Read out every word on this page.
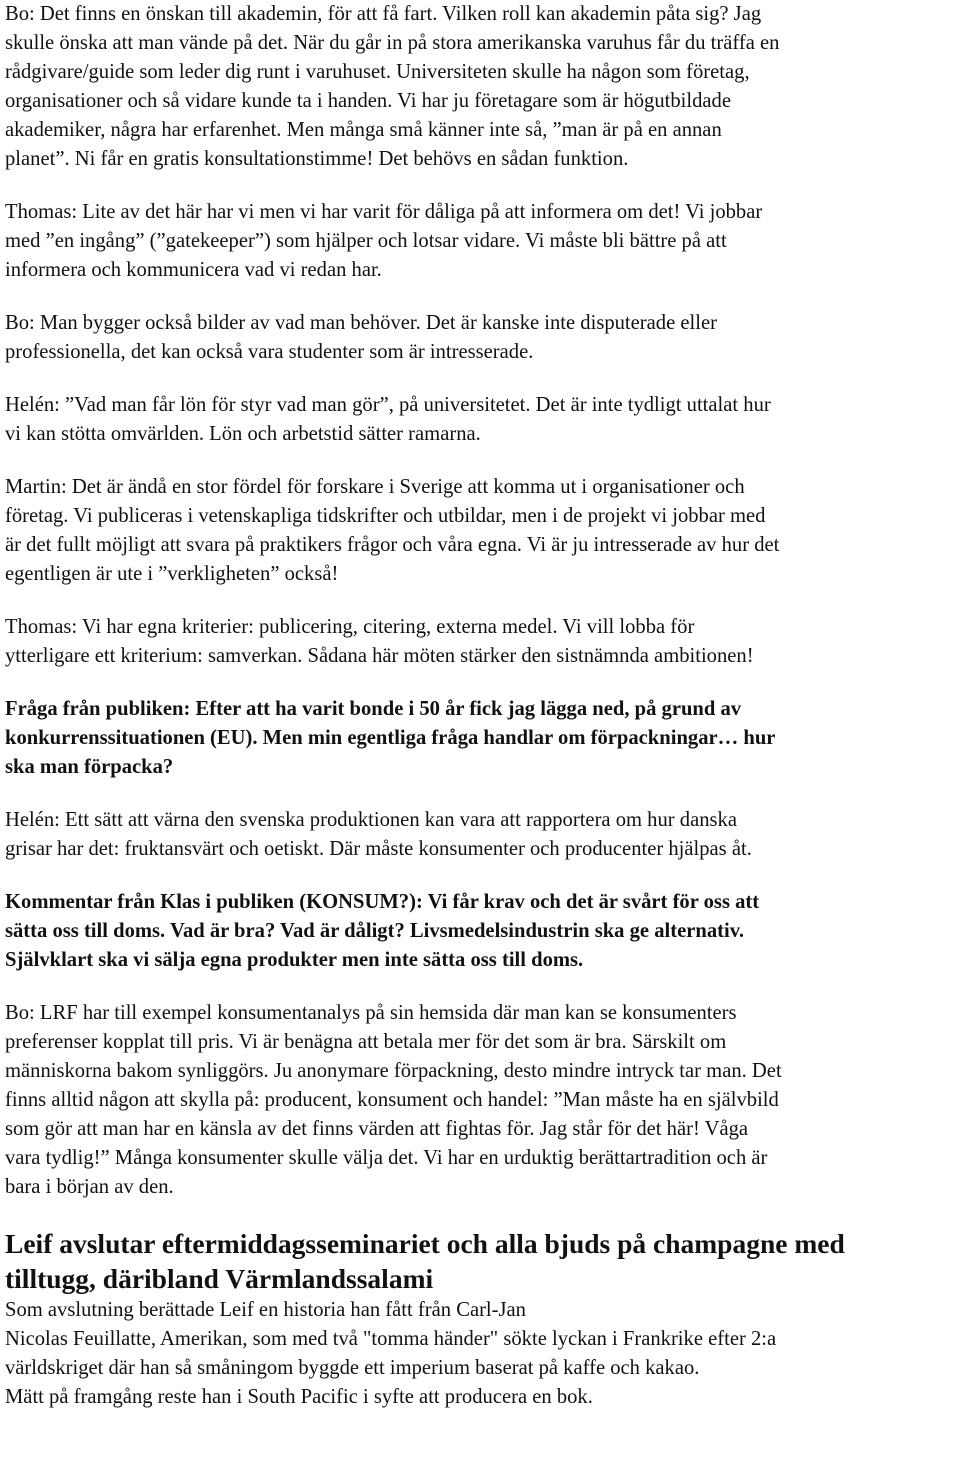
Bo: Det finns en önskan till akademin, för att få fart. Vilken roll kan akademin påta sig? Jag
skulle önska att man vände på det. När du går in på stora amerikanska varuhus får du träffa en
rådgivare/guide som leder dig runt i varuhuset. Universiteten skulle ha någon som företag,
organisationer och så vidare kunde ta i handen. Vi har ju företagare som är högutbildade
akademiker, några har erfarenhet. Men många små känner inte så, ”man är på en annan
planet”. Ni får en gratis konsultationstimme! Det behövs en sådan funktion.
Thomas: Lite av det här har vi men vi har varit för dåliga på att informera om det! Vi jobbar
med ”en ingång” (”gatekeeper”) som hjälper och lotsar vidare. Vi måste bli bättre på att
informera och kommunicera vad vi redan har.
Bo: Man bygger också bilder av vad man behöver. Det är kanske inte disputerade eller
professionella, det kan också vara studenter som är intresserade.
Helén: ”Vad man får lön för styr vad man gör”, på universitetet. Det är inte tydligt uttalat hur
vi kan stötta omvärlden. Lön och arbetstid sätter ramarna.
Martin: Det är ändå en stor fördel för forskare i Sverige att komma ut i organisationer och
företag. Vi publiceras i vetenskapliga tidskrifter och utbildar, men i de projekt vi jobbar med
är det fullt möjligt att svara på praktikers frågor och våra egna. Vi är ju intresserade av hur det
egentligen är ute i ”verkligheten” också!
Thomas: Vi har egna kriterier: publicering, citering, externa medel. Vi vill lobba för
ytterligare ett kriterium: samverkan. Sådana här möten stärker den sistnämnda ambitionen!
Fråga från publiken: Efter att ha varit bonde i 50 år fick jag lägga ned, på grund av
konkurrenssituationen (EU). Men min egentliga fråga handlar om förpackningar… hur
ska man förpacka?
Helén: Ett sätt att värna den svenska produktionen kan vara att rapportera om hur danska
grisar har det: fruktansvärt och oetiskt. Där måste konsumenter och producenter hjälpas åt.
Kommentar från Klas i publiken (KONSUM?): Vi får krav och det är svårt för oss att
sätta oss till doms. Vad är bra? Vad är dåligt? Livsmedelsindustrin ska ge alternativ.
Självklart ska vi sälja egna produkter men inte sätta oss till doms.
Bo: LRF har till exempel konsumentanalys på sin hemsida där man kan se konsumenters
preferenser kopplat till pris. Vi är benägna att betala mer för det som är bra. Särskilt om
människorna bakom synliggörs. Ju anonymare förpackning, desto mindre intryck tar man. Det
finns alltid någon att skylla på: producent, konsument och handel: ”Man måste ha en självbild
som gör att man har en känsla av det finns värden att fightas för. Jag står för det här! Våga
vara tydlig!” Många konsumenter skulle välja det. Vi har en urduktig berättartradition och är
bara i början av den.
Leif avslutar eftermiddagsseminariet och alla bjuds på champagne med
tilltugg, däribland Värmlandssalami
Som avslutning berättade Leif en historia han fått från Carl-Jan
Nicolas Feuillatte, Amerikan, som med två "tomma händer" sökte lyckan i Frankrike efter 2:a
världskriget där han så småningom byggde ett imperium baserat på kaffe och kakao.
Mätt på framgång reste han i South Pacific i syfte att producera en bok.
